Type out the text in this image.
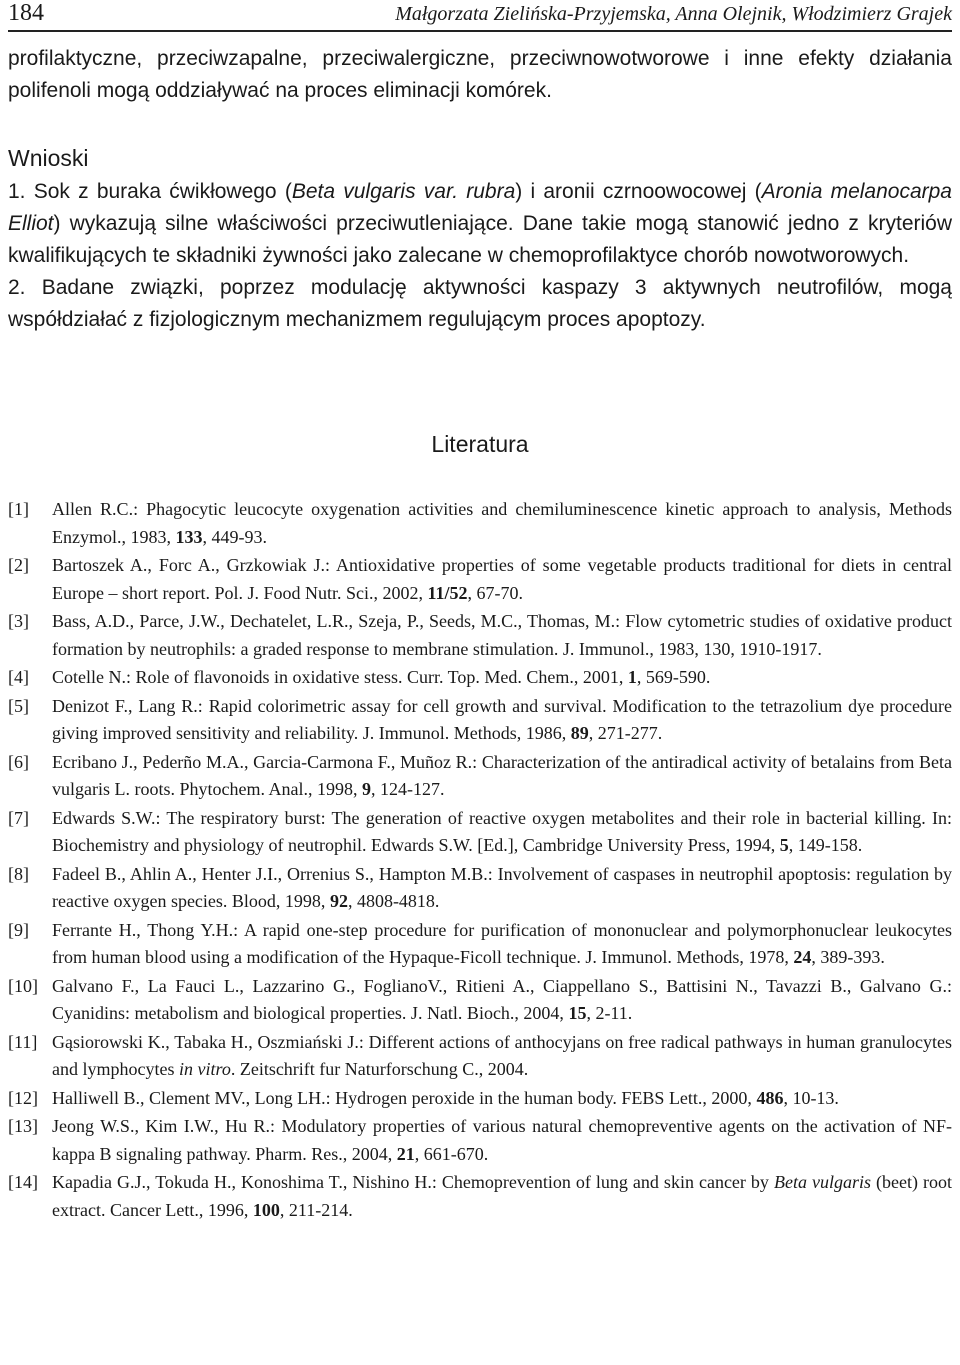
184	Małgorzata Zielińska-Przyjemska, Anna Olejnik, Włodzimierz Grajek

profilaktyczne, przeciwzapalne, przeciwalergiczne, przeciwnowotworowe i inne efekty działania polifenoli mogą oddziaływać na proces eliminacji komórek.

Wnioski
1. Sok z buraka ćwikłowego (Beta vulgaris var. rubra) i aronii czrnoowocowej (Aronia melanocarpa Elliot) wykazują silne właściwości przeciwutleniające. Dane takie mogą stanowić jedno z kryteriów kwalifikujących te składniki żywności jako zalecane w chemoprofilaktyce chorób nowotworowych.
2. Badane związki, poprzez modulację aktywności kaspazy 3 aktywnych neutrofilów, mogą współdziałać z fizjologicznym mechanizmem regulującym proces apoptozy.
Literatura
[1] Allen R.C.: Phagocytic leucocyte oxygenation activities and chemiluminescence kinetic approach to analysis, Methods Enzymol., 1983, 133, 449-93.
[2] Bartoszek A., Forc A., Grzkowiak J.: Antioxidative properties of some vegetable products traditional for diets in central Europe – short report. Pol. J. Food Nutr. Sci., 2002, 11/52, 67-70.
[3] Bass, A.D., Parce, J.W., Dechatelet, L.R., Szeja, P., Seeds, M.C., Thomas, M.: Flow cytometric studies of oxidative product formation by neutrophils: a graded response to membrane stimulation. J. Immunol., 1983, 130, 1910-1917.
[4] Cotelle N.: Role of flavonoids in oxidative stess. Curr. Top. Med. Chem., 2001, 1, 569-590.
[5] Denizot F., Lang R.: Rapid colorimetric assay for cell growth and survival. Modification to the tetrazolium dye procedure giving improved sensitivity and reliability. J. Immunol. Methods, 1986, 89, 271-277.
[6] Ecribano J., Pederño M.A., Garcia-Carmona F., Muñoz R.: Characterization of the antiradical activity of betalains from Beta vulgaris L. roots. Phytochem. Anal., 1998, 9, 124-127.
[7] Edwards S.W.: The respiratory burst: The generation of reactive oxygen metabolites and their role in bacterial killing. In: Biochemistry and physiology of neutrophil. Edwards S.W. [Ed.], Cambridge University Press, 1994, 5, 149-158.
[8] Fadeel B., Ahlin A., Henter J.I., Orrenius S., Hampton M.B.: Involvement of caspases in neutrophil apoptosis: regulation by reactive oxygen species. Blood, 1998, 92, 4808-4818.
[9] Ferrante H., Thong Y.H.: A rapid one-step procedure for purification of mononuclear and polymorphonuclear leukocytes from human blood using a modification of the Hypaque-Ficoll technique. J. Immunol. Methods, 1978, 24, 389-393.
[10] Galvano F., La Fauci L., Lazzarino G., FoglianoV., Ritieni A., Ciappellano S., Battisini N., Tavazzi B., Galvano G.: Cyanidins: metabolism and biological properties. J. Natl. Bioch., 2004, 15, 2-11.
[11] Gąsiorowski K., Tabaka H., Oszmiański J.: Different actions of anthocyjans on free radical pathways in human granulocytes and lymphocytes in vitro. Zeitschrift fur Naturforschung C., 2004.
[12] Halliwell B., Clement MV., Long LH.: Hydrogen peroxide in the human body. FEBS Lett., 2000, 486, 10-13.
[13] Jeong W.S., Kim I.W., Hu R.: Modulatory properties of various natural chemopreventive agents on the activation of NF-kappa B signaling pathway. Pharm. Res., 2004, 21, 661-670.
[14] Kapadia G.J., Tokuda H., Konoshima T., Nishino H.: Chemoprevention of lung and skin cancer by Beta vulgaris (beet) root extract. Cancer Lett., 1996, 100, 211-214.
